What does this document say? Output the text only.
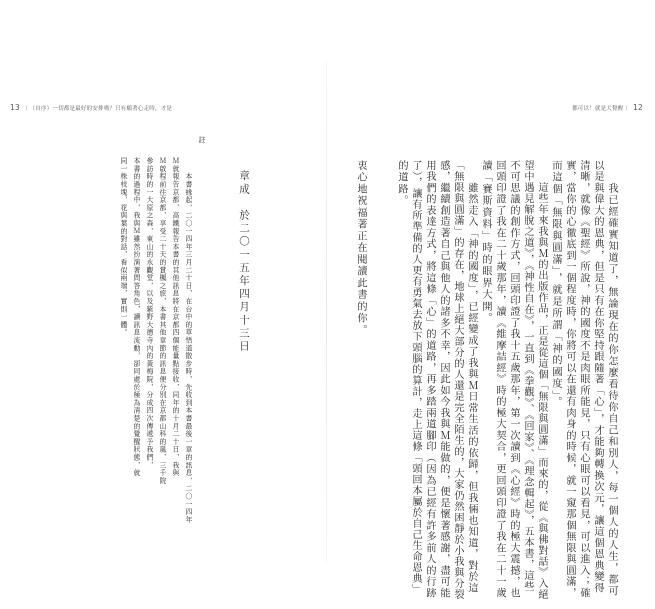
13 ｜（自序）一切都是最好的安排嗎？只有願著心走時，才是
章成　於二〇一五年四月十三日
註
　　本書緣起，二〇一四年三月二十日，在台中的草悟道散步時，先收到本書最後一章的訊息，二〇一四年
Ｍ就報告京都，高鐵報告本書的其他訊息將在京都四個能量點接收，同年的十月二十日，我與
Ｍ啟程前往京都，享受二十天的賞楓之旅，本書其他章節的訊息便分別在京都山科的嵐，三千院
參訪時的一大原之森，東山的永觀堂，以及紫野大德寺內的黃梅院，分成四次傳遞予我們，
本書的過程中，我與Ｍ雖然扮演著問答角色，讀訊息流動，卻同處於極為清楚的覺醒狀態，就
同一株枝塊，花與葉的對話，看似兩端，實則一體。
都可以！就是大覺醒｜ 12
　　我已經確實知道了，無論現在的你怎麼看待你自己和別人，每一個人的人生，都可
以是與偉大的恩典，但是只有在你堅持跟隨著「心」，才能夠轉換次元，讓這個恩典變得
清晰，就像《聖經》所說，神的國度不是肉眼所能見，只有心眼可以看見，可以進入；確
實，當你的心徹底到一個程度時，你將可以在還有肉身的時候，就一窺那個無限與圓滿，
而這個「無限與圓滿」，就是所謂「神的國度」。
　　這些年來我與Ｍ的出版作品，正是從這個「無限與圓滿」而來的，從《與佛對話》入絕
望中遇見解脫之道》，《神性自在》，一直到《拳觀》、《回家》、《理念輯起》，五本書，這些
不可思議的創作方式，回頭印證了我十五歲那年，第一次讀到《心經》時的極大震撼，也
回頭印證了我在二十歲那年，讀《維摩詰經》時的極大契合，更回頭印證了我在二十一歲
讀「賽斯資料」時的眼界大開。
　　雖然走入「神的國度」，已經變成了我與Ｍ日常生活的依歸，但我倆也知道，對於這
「無限與圓滿」的存在，地球上絕大部分的人還是完全陌生的，大家仍然困靜於小我與分裂
感，繼續創造著自己與他人的諸多不幸，因此如今我與Ｍ能做的，便是懷著感謝，盡可能
用我們的表達方式，將這條「心」的道路，再多踏兩道腳印（因為已經有許多前人的行跡
了），讓有所準備的人更有勇氣去放下頭腦的算計，走上這條「頭回本屬於自己生命恩典」
的道路。
衷心地祝福著正在閱讀此書的你。
